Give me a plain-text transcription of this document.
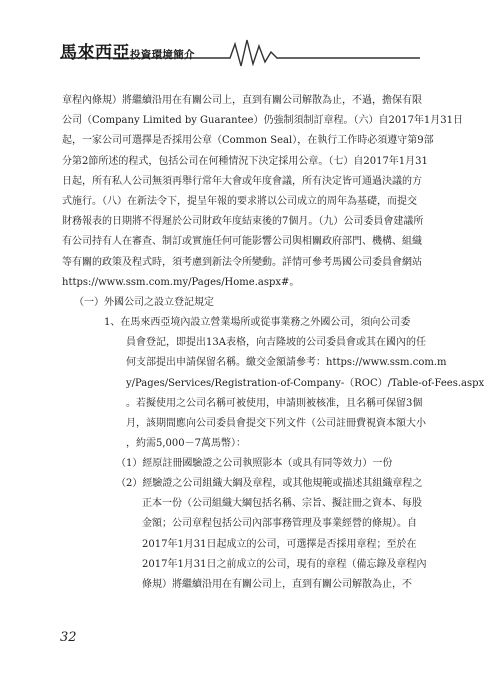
馬來西亞投資環境簡介
章程內條規）將繼續沿用在有關公司上，直到有關公司解散為止，不過，擔保有限
公司（Company Limited by Guarantee）仍強制須制訂章程。（六）自2017年1月31日
起，一家公司可選擇是否採用公章（Common Seal），在執行工作時必須遵守第9部
分第2節所述的程式，包括公司在何種情況下決定採用公章。（七）自2017年1月31
日起，所有私人公司無須再舉行常年大會或年度會議，所有決定皆可通過決議的方
式施行。（八）在新法令下，提呈年報的要求將以公司成立的周年為基礎，而提交
財務報表的日期將不得遲於公司財政年度結束後的7個月。（九）公司委員會建議所
有公司持有人在審查、制訂或實施任何可能影響公司與相關政府部門、機構、組織
等有關的政策及程式時，須考慮到新法令所變動。詳情可參考馬國公司委員會網站
https://www.ssm.com.my/Pages/Home.aspx#。
（一）外國公司之設立登記規定
1、在馬來西亞境內設立營業場所或從事業務之外國公司，須向公司委
員會登記，即提出13A表格，向吉隆坡的公司委員會或其在國內的任
何支部提出申請保留名稱。繳交金額請參考：https://www.ssm.com.m
y/Pages/Services/Registration-of-Company-（ROC）/Table-of-Fees.aspx
。若擬使用之公司名稱可被使用，申請則被核准，且名稱可保留3個
月，該期間應向公司委員會提交下列文件（公司註冊費視資本額大小
，約需5,000－7萬馬幣）：
（1）經原註冊國驗證之公司執照影本（或具有同等效力）一份
（2）經驗證之公司組織大綱及章程，或其他規範或描述其組織章程之
正本一份（公司組織大綱包括名稱、宗旨、擬註冊之資本、每股
金額；公司章程包括公司內部事務管理及事業經營的條規）。自
2017年1月31日起成立的公司，可選擇是否採用章程；至於在
2017年1月31日之前成立的公司，現有的章程（備忘錄及章程內
條規）將繼續沿用在有關公司上，直到有關公司解散為止，不
32
